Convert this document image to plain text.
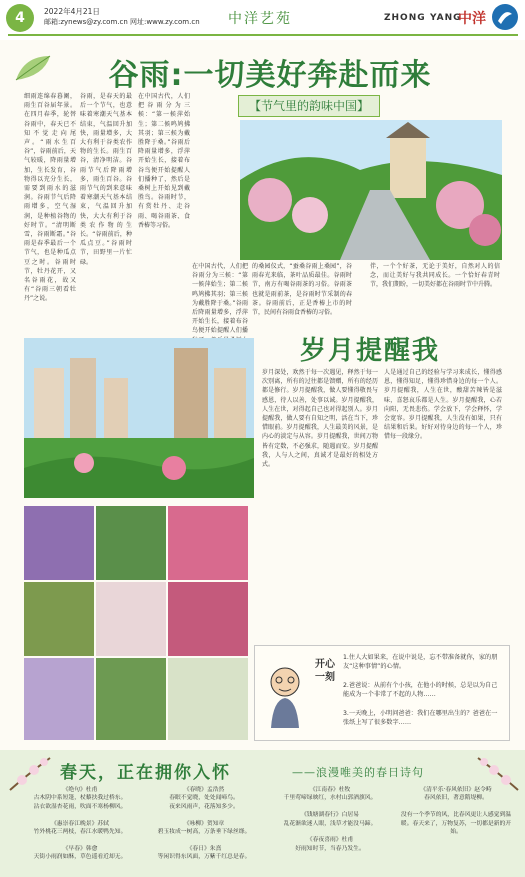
4	2022年4月21日
邮箱:zynews@zy.com.cn 网址:www.zy.com.cn 中洋艺苑	ZHONG YANG
中洋
谷雨:一切美好奔赴而来
细雨连绵春暮阑，雨生百谷届年景。在四月春季，轮替谷雨中，春天已不知不觉走向尾声。“雨水生百谷”，谷雨前后，天气较暖，降雨量增加，生长发育，谷物得以充分生长，需要到雨水的滋润。谷雨节气后降雨增多，空气湿润，是种植谷物的好时节。“清明断雪，谷雨断霜。”谷雨是春季最后一个节气，也是种瓜点豆之时。谷雨时节，牡丹花开，又名谷雨花，故又有“谷雨三朝看牡丹”之说。
谷雨，是春天的最后一个节气，也意味着寒潮天气基本结束，气温回升加快，雨量增多，大大有利于谷类农作物的生长。雨生百谷，清净明洁。谷雨节气后降雨增多，雨生百谷。谷雨节气的到来意味着寒潮天气基本结束，气温回升加快，大大有利于谷类农作物的生长。“谷雨前后，种瓜点豆。”谷雨时节，田野里一片忙碌。
在中国古代，人们把谷雨分为三候：“第一候萍始生；第二候鸣鸠拂其羽；第三候为戴胜降于桑。”谷雨后降雨量增多，浮萍开始生长，接着布谷鸟便开始提醒人们播种了，然后是桑树上开始见到戴胜鸟。谷雨时节，有赏牡丹、走谷雨、喝谷雨茶、食香椿等习俗。
【节气里的韵味中国】
在中国古代，人们把谷雨分为三候：“第一候萍始生；第二候鸣鸠拂其羽；第三候为戴胜降于桑。”谷雨后降雨量增多，浮萍开始生长，接着布谷鸟便开始提醒人们播
的桑园仪式，“蚕桑谷雨上桑园”，谷雨春光来临，茶叶品质最佳。谷雨时节，南方有喝谷雨茶的习俗。谷雨茶也就是雨前茶，是谷雨时节采制的春茶。谷雨前后，正是香椿上市的时节，民间有谷雨食香椿的习俗。
伴，一个个好茶，无论于美好，自然对人的信念，而让美好与我共同成长。一个恰好春青时节，我们期盼，一切美好都在谷雨时节中升腾。
岁月提醒我
岁月深处，欢然于每一次遇见，释然于每一次别离，所有的过往都是馈赠，所有的经历都是修行。岁月提醒我，做人要懂得敬畏与感恩，待人以善，处事以诚。岁月提醒我，人生在世，对得起自己也对得起别人。岁月提醒我，做人要有自知之明，活在当下，珍惜眼前。岁月提醒我，人生最美的风景，是内心的淡定与从容。岁月提醒我，世间万物皆有定数，不必强求，随遇而安。岁月提醒我，人与人之间，真诚才是最好的相处方式。
人是通过自己的经验与学习来成长，懂得感恩，懂得知足，懂得珍惜身边的每一个人。岁月提醒我，人生在世，酸甜苦辣皆是滋味，喜怒哀乐都是人生。岁月提醒我，心若向阳，无畏悲伤。学会放下，学会释怀，学会宽容。岁月提醒我，人生没有如果，只有结果和后果。好好对待身边的每一个人，珍惜每一段缘分。
开心一刻
1.住人大如果来，在说中说是，忘不带准备就你，家的朋友“这种事情”的心情。
2.爸爸说：从前有个小孩，在他小的时候，总是以为自己能成为一个非常了不起的人物……
3.一天晚上，小明问爸爸：我们在哪里出生的？爸爸在一张纸上写了很多数字……
春天，正在拥你入怀	——浪漫唯美的春日诗句
《绝句》杜甫
古木阴中系短篷，杖藜扶我过桥东。
沾衣欲湿杏花雨，吹面不寒杨柳风。

《惠崇春江晚景》苏轼
竹外桃花三两枝，春江水暖鸭先知。

《早春》韩愈
天街小雨润如酥，草色遥看近却无。
《春晓》孟浩然
春眠不觉晓，处处闻啼鸟。
夜来风雨声，花落知多少。

《咏柳》贺知章
碧玉妆成一树高，万条垂下绿丝绦。

《春日》朱熹
等闲识得东风面，万紫千红总是春。
《江南春》杜牧
千里莺啼绿映红，水村山郭酒旗风。

《钱塘湖春行》白居易
乱花渐欲迷人眼，浅草才能没马蹄。

《春夜喜雨》杜甫
好雨知时节，当春乃发生。
《清平乐·春风依旧》赵令畤
春风依旧，著意隋堤柳。

没有一个季节的风，比春风更让人感觉到温暖。春天来了，万物复苏，一切都是新的开始。
